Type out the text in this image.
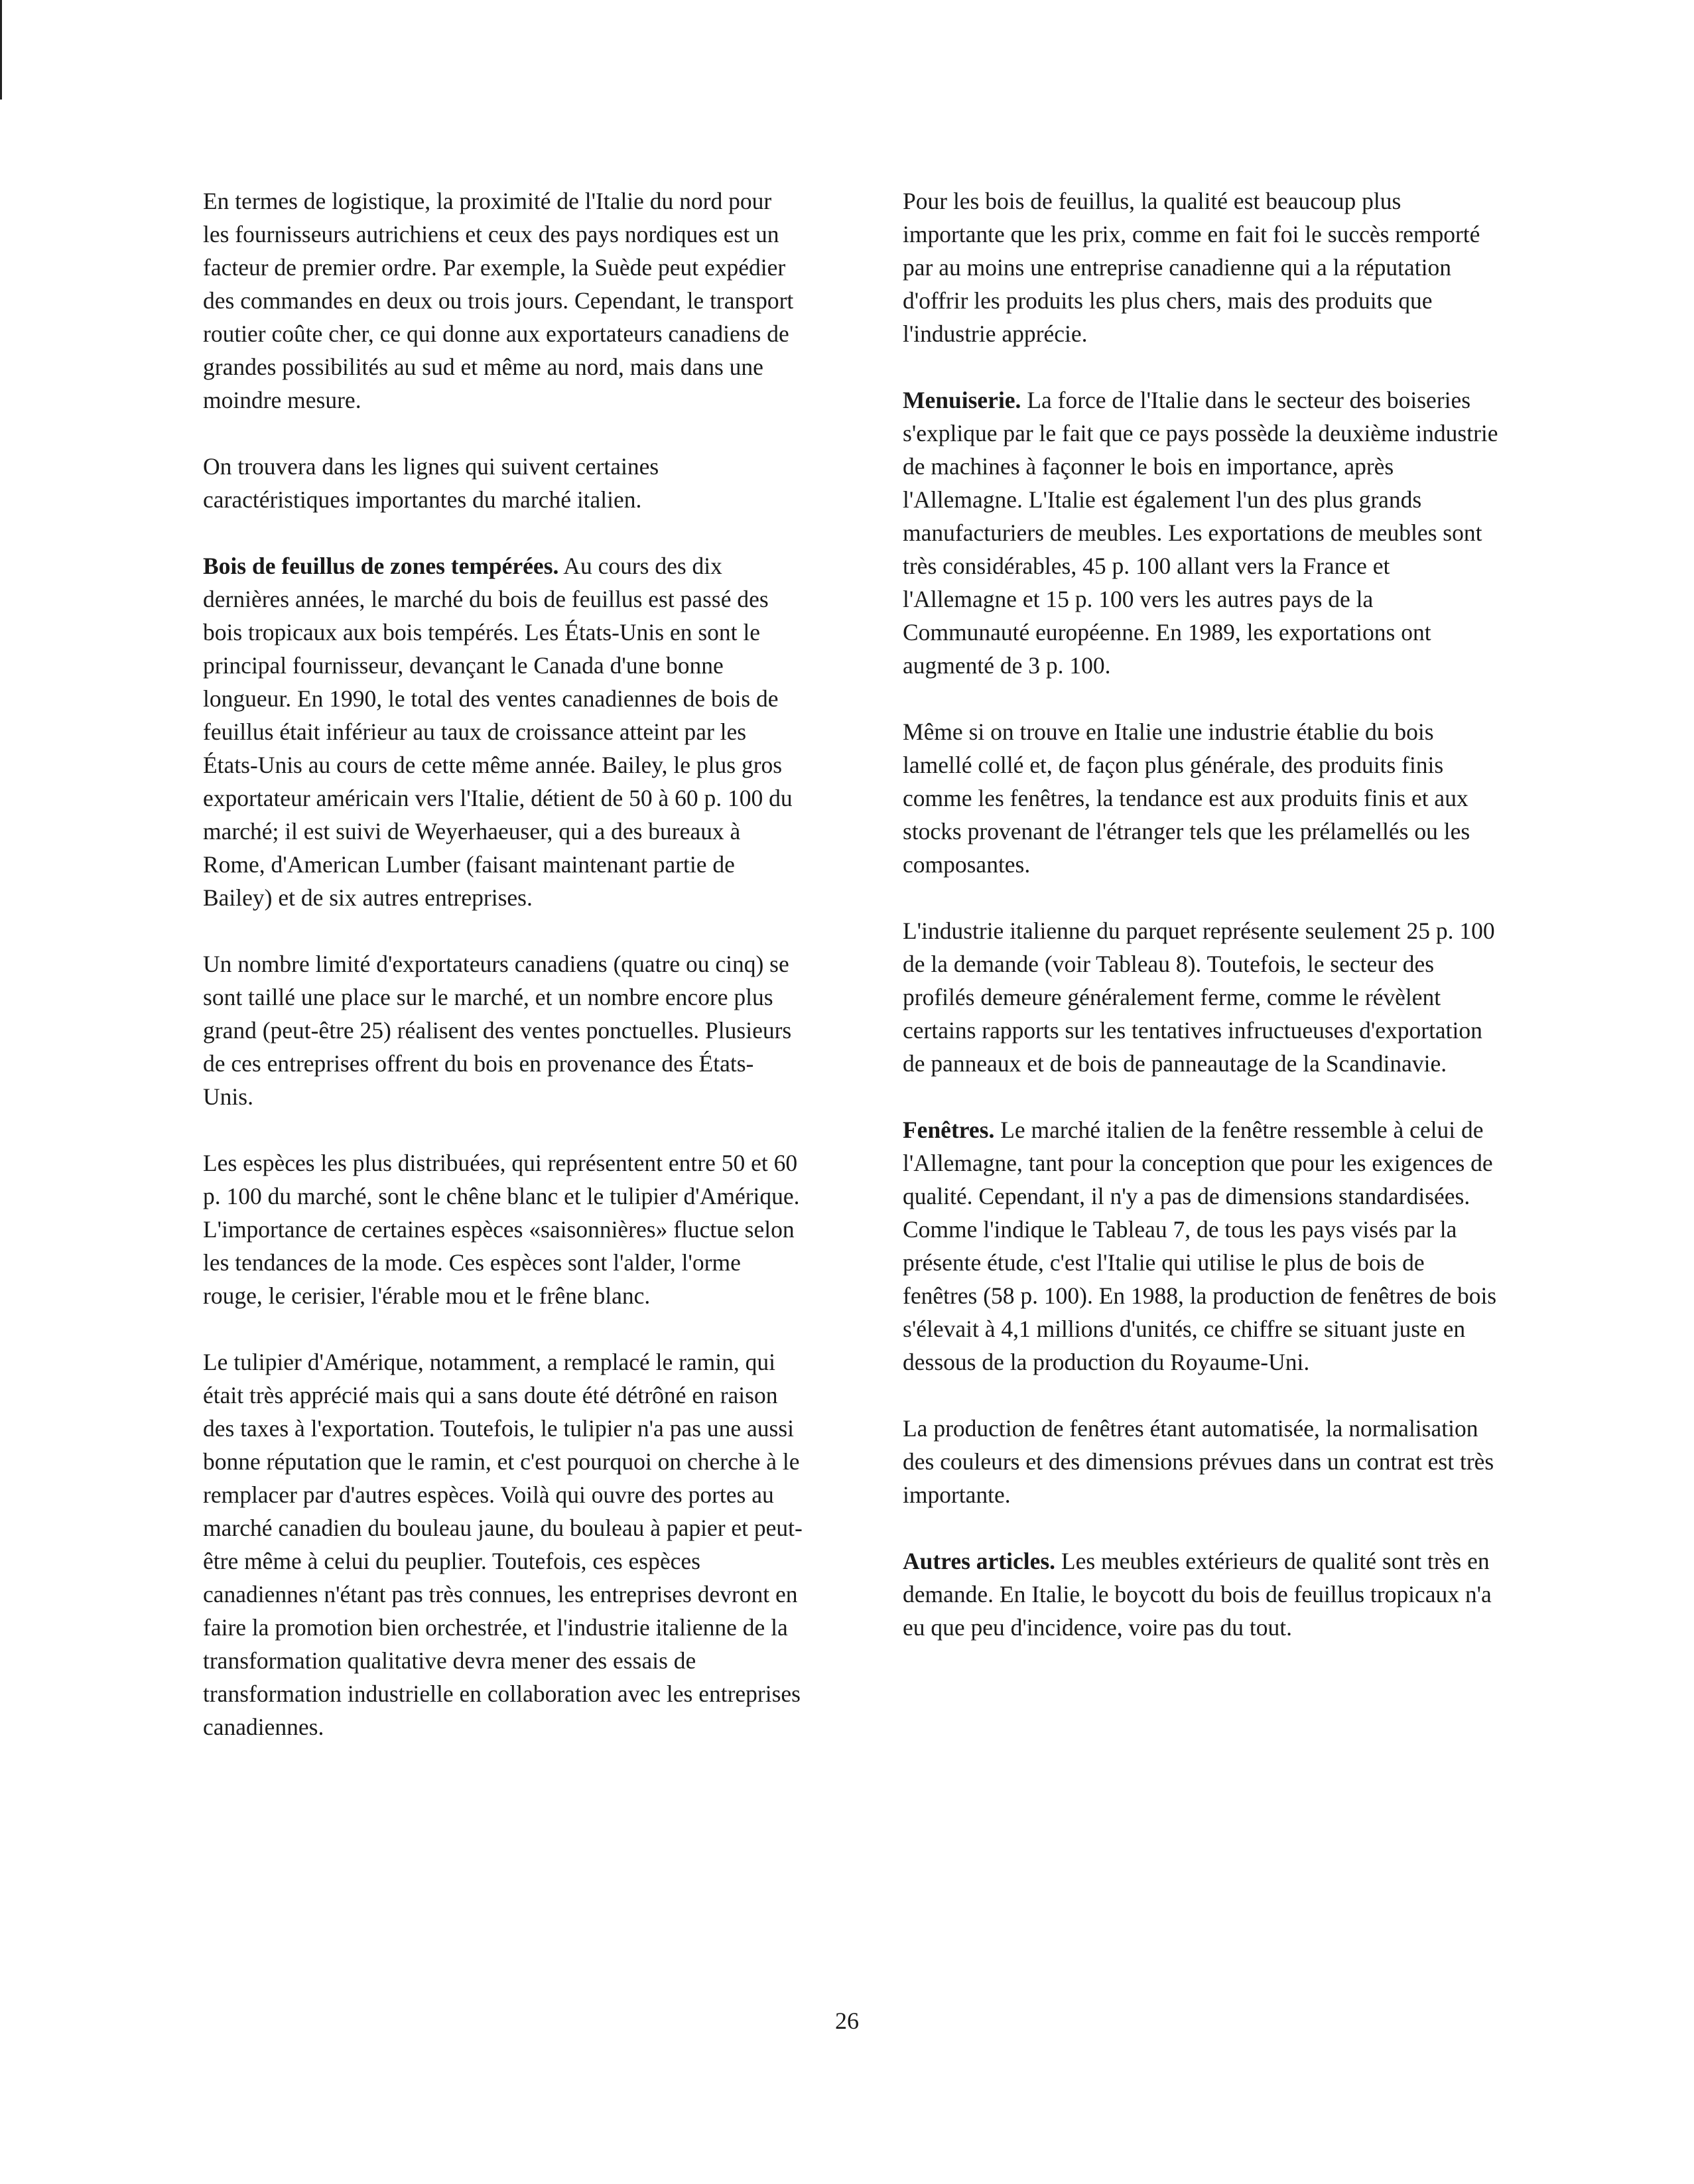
En termes de logistique, la proximité de l'Italie du nord pour les fournisseurs autrichiens et ceux des pays nordiques est un facteur de premier ordre. Par exemple, la Suède peut expédier des commandes en deux ou trois jours. Cependant, le transport routier coûte cher, ce qui donne aux exportateurs canadiens de grandes possibilités au sud et même au nord, mais dans une moindre mesure.

On trouvera dans les lignes qui suivent certaines caractéristiques importantes du marché italien.

Bois de feuillus de zones tempérées. Au cours des dix dernières années, le marché du bois de feuillus est passé des bois tropicaux aux bois tempérés. Les États-Unis en sont le principal fournisseur, devançant le Canada d'une bonne longueur. En 1990, le total des ventes canadiennes de bois de feuillus était inférieur au taux de croissance atteint par les États-Unis au cours de cette même année. Bailey, le plus gros exportateur américain vers l'Italie, détient de 50 à 60 p. 100 du marché; il est suivi de Weyerhaeuser, qui a des bureaux à Rome, d'American Lumber (faisant maintenant partie de Bailey) et de six autres entreprises.

Un nombre limité d'exportateurs canadiens (quatre ou cinq) se sont taillé une place sur le marché, et un nombre encore plus grand (peut-être 25) réalisent des ventes ponctuelles. Plusieurs de ces entreprises offrent du bois en provenance des États-Unis.

Les espèces les plus distribuées, qui représentent entre 50 et 60 p. 100 du marché, sont le chêne blanc et le tulipier d'Amérique. L'importance de certaines espèces «saisonnières» fluctue selon les tendances de la mode. Ces espèces sont l'alder, l'orme rouge, le cerisier, l'érable mou et le frêne blanc.

Le tulipier d'Amérique, notamment, a remplacé le ramin, qui était très apprécié mais qui a sans doute été détrôné en raison des taxes à l'exportation. Toutefois, le tulipier n'a pas une aussi bonne réputation que le ramin, et c'est pourquoi on cherche à le remplacer par d'autres espèces. Voilà qui ouvre des portes au marché canadien du bouleau jaune, du bouleau à papier et peut-être même à celui du peuplier. Toutefois, ces espèces canadiennes n'étant pas très connues, les entreprises devront en faire la promotion bien orchestrée, et l'industrie italienne de la transformation qualitative devra mener des essais de transformation industrielle en collaboration avec les entreprises canadiennes.

Pour les bois de feuillus, la qualité est beaucoup plus importante que les prix, comme en fait foi le succès remporté par au moins une entreprise canadienne qui a la réputation d'offrir les produits les plus chers, mais des produits que l'industrie apprécie.

Menuiserie. La force de l'Italie dans le secteur des boiseries s'explique par le fait que ce pays possède la deuxième industrie de machines à façonner le bois en importance, après l'Allemagne. L'Italie est également l'un des plus grands manufacturiers de meubles. Les exportations de meubles sont très considérables, 45 p. 100 allant vers la France et l'Allemagne et 15 p. 100 vers les autres pays de la Communauté européenne. En 1989, les exportations ont augmenté de 3 p. 100.

Même si on trouve en Italie une industrie établie du bois lamellé collé et, de façon plus générale, des produits finis comme les fenêtres, la tendance est aux produits finis et aux stocks provenant de l'étranger tels que les prélamellés ou les composantes.

L'industrie italienne du parquet représente seulement 25 p. 100 de la demande (voir Tableau 8). Toutefois, le secteur des profilés demeure généralement ferme, comme le révèlent certains rapports sur les tentatives infructueuses d'exportation de panneaux et de bois de panneautage de la Scandinavie.

Fenêtres. Le marché italien de la fenêtre ressemble à celui de l'Allemagne, tant pour la conception que pour les exigences de qualité. Cependant, il n'y a pas de dimensions standardisées. Comme l'indique le Tableau 7, de tous les pays visés par la présente étude, c'est l'Italie qui utilise le plus de bois de fenêtres (58 p. 100). En 1988, la production de fenêtres de bois s'élevait à 4,1 millions d'unités, ce chiffre se situant juste en dessous de la production du Royaume-Uni.

La production de fenêtres étant automatisée, la normalisation des couleurs et des dimensions prévues dans un contrat est très importante.

Autres articles. Les meubles extérieurs de qualité sont très en demande. En Italie, le boycott du bois de feuillus tropicaux n'a eu que peu d'incidence, voire pas du tout.

26
